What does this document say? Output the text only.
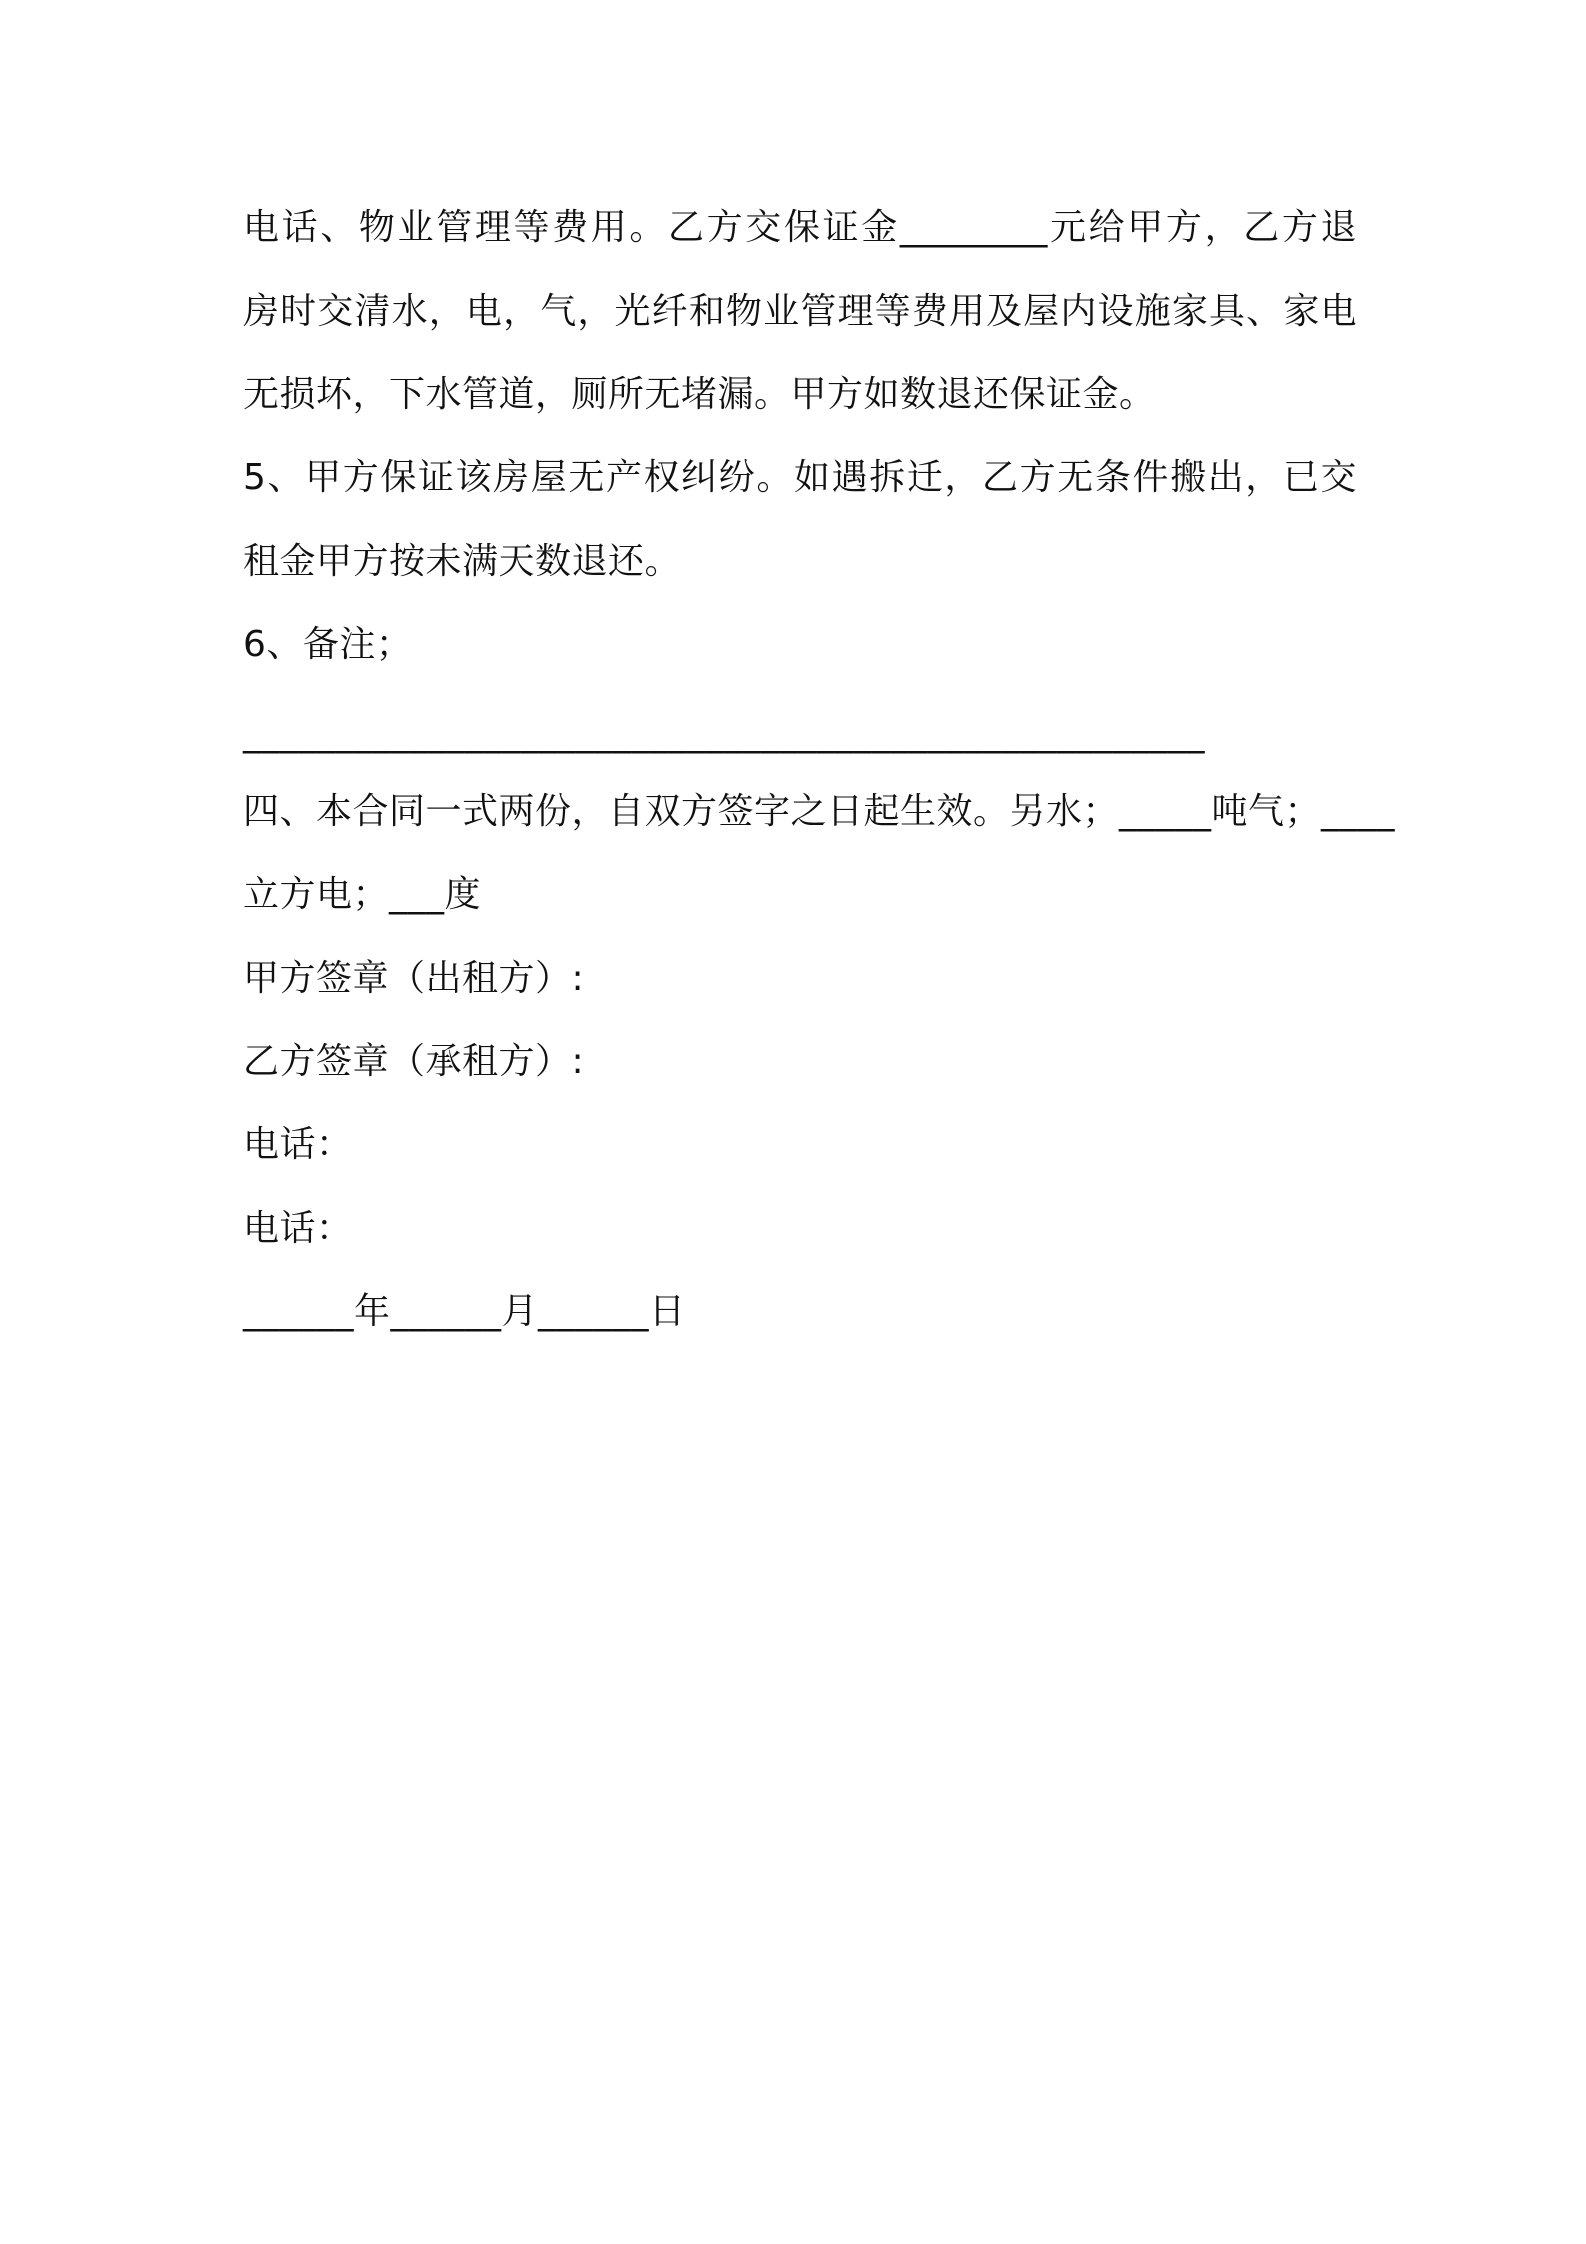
电话、物业管理等费用。乙方交保证金________元给甲方，乙方退
房时交清水，电，气，光纤和物业管理等费用及屋内设施家具、家电
无损坏，下水管道，厕所无堵漏。甲方如数退还保证金。
5、甲方保证该房屋无产权纠纷。如遇拆迁，乙方无条件搬出，已交
租金甲方按未满天数退还。
6、备注；
____________________________________________________
四、本合同一式两份，自双方签字之日起生效。另水；_____吨气；____
立方电；___度
甲方签章（出租方）:
乙方签章（承租方）:
电话：
电话：
______年______月______日
